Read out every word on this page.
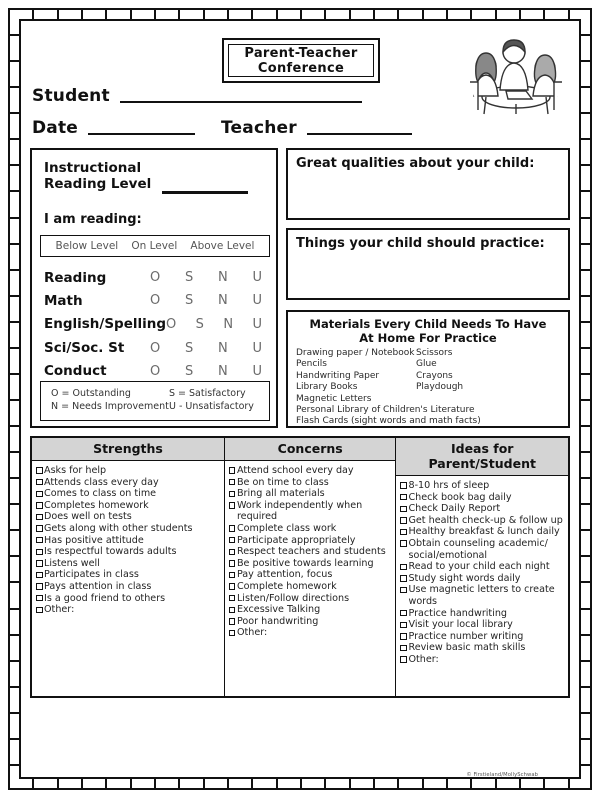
Parent-Teacher
Conference
Student
Date	Teacher
Instructional
Reading Level
I am reading:
Below Level On Level Above Level
Reading	O S N U
Math	O S N U
English/Spelling O S N U
Sci/Soc. St	O S N U
Conduct	O S N U
O = Outstanding	S = Satisfactory
N = Needs Improvement U - Unsatisfactory
Great qualities about your child:
Things your child should practice:
Materials Every Child Needs To Have
At Home For Practice
Drawing paper / Notebook
Pencils
Handwriting Paper
Library Books
Magnetic Letters
Scissors
Glue
Crayons
Playdough
Personal Library of Children's Literature
Flash Cards (sight words and math facts)
Strengths
Asks for help
Attends class every day
Comes to class on time
Completes homework
Does well on tests
Gets along with other students
Has positive attitude
Is respectful towards adults
Listens well
Participates in class
Pays attention in class
Is a good friend to others
Other:
Concerns
Attend school every day
Be on time to class
Bring all materials
Work independently when required
Complete class work
Participate appropriately
Respect teachers and students
Be positive towards learning
Pay attention, focus
Complete homework
Listen/Follow directions
Excessive Talking
Poor handwriting
Other:
Ideas for Parent/Student
8-10 hrs of sleep
Check book bag daily
Check Daily Report
Get health check-up & follow up
Healthy breakfast & lunch daily
Obtain counseling academic/ social/emotional
Read to your child each night
Study sight words daily
Use magnetic letters to create words
Practice handwriting
Visit your local library
Practice number writing
Review basic math skills
Other:
© Firstieland/MollySchwab
